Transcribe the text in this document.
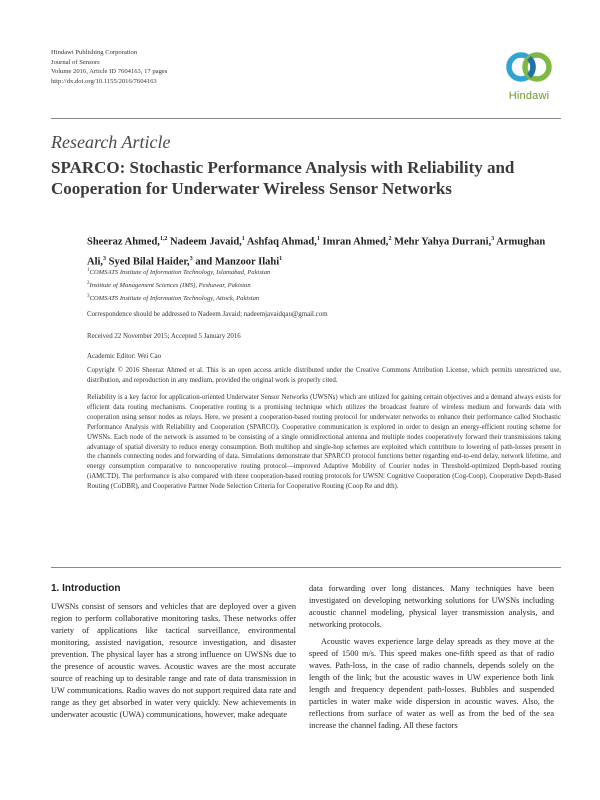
Hindawi Publishing Corporation
Journal of Sensors
Volume 2016, Article ID 7604163, 17 pages
http://dx.doi.org/10.1155/2016/7604163
Hindawi
Research Article
SPARCO: Stochastic Performance Analysis with Reliability and Cooperation for Underwater Wireless Sensor Networks
Sheeraz Ahmed,$^{1,2}$ Nadeem Javaid,$^1$ Ashfaq Ahmad,$^1$ Imran Ahmed,$^2$ Mehr Yahya Durrani,$^3$ Armughan Ali,$^3$ Syed Bilal Haider,$^3$ and Manzoor Ilahi$^1$
$^1$COMSATS Institute of Information Technology, Islamabad, Pakistan
$^2$Institute of Management Sciences (IMS), Peshawar, Pakistan
$^3$COMSATS Institute of Information Technology, Attock, Pakistan
Correspondence should be addressed to Nadeem Javaid; nadeemjavaidqau@gmail.com
Received 22 November 2015; Accepted 5 January 2016
Academic Editor: Wei Cao
Copyright © 2016 Sheeraz Ahmed et al. This is an open access article distributed under the Creative Commons Attribution License, which permits unrestricted use, distribution, and reproduction in any medium, provided the original work is properly cited.
Reliability is a key factor for application-oriented Underwater Sensor Networks (UWSNs) which are utilized for gaining certain objectives and a demand always exists for efficient data routing mechanisms. Cooperative routing is a promising technique which utilizes the broadcast feature of wireless medium and forwards data with cooperation using sensor nodes as relays. Here, we present a cooperation-based routing protocol for underwater networks to enhance their performance called Stochastic Performance Analysis with Reliability and Cooperation (SPARCO). Cooperative communication is explored in order to design an energy-efficient routing scheme for UWSNs. Each node of the network is assumed to be consisting of a single omnidirectional antenna and multiple nodes cooperatively forward their transmissions taking advantage of spatial diversity to reduce energy consumption. Both multihop and single-hop schemes are exploited which contribute to lowering of path-losses present in the channels connecting nodes and forwarding of data. Simulations demonstrate that SPARCO protocol functions better regarding end-to-end delay, network lifetime, and energy consumption comparative to noncooperative routing protocol—improved Adaptive Mobility of Courier nodes in Threshold-optimized Depth-based routing (iAMCTD). The performance is also compared with three cooperation-based routing protocols for UWSN: Cognitive Cooperation (Cog-Coop), Cooperative Depth-Based Routing (CoDBR), and Cooperative Partner Node Selection Criteria for Cooperative Routing (Coop Re and dth).
1. Introduction

UWSNs consist of sensors and vehicles that are deployed over a given region to perform collaborative monitoring tasks. These networks offer variety of applications like tactical surveillance, environmental monitoring, assisted navigation, resource investigation, and disaster prevention. The physical layer has a strong influence on UWSNs due to the presence of acoustic waves. Acoustic waves are the most accurate source of reaching up to desirable range and rate of data transmission in UW communications. Radio waves do not support required data rate and range as they get absorbed in water very quickly. New achievements in underwater acoustic (UWA) communications, however, make adequate

data forwarding over long distances. Many techniques have been investigated on developing networking solutions for UWSNs including acoustic channel modeling, physical layer transmission analysis, and networking protocols.

Acoustic waves experience large delay spreads as they move at the speed of 1500 m/s. This speed makes one-fifth speed as that of radio waves. Path-loss, in the case of radio channels, depends solely on the length of the link; but the acoustic waves in UW experience both link length and frequency dependent path-losses. Bubbles and suspended particles in water make wide dispersion in acoustic waves. Also, the reflections from surface of water as well as from the bed of the sea increase the channel fading. All these factors
